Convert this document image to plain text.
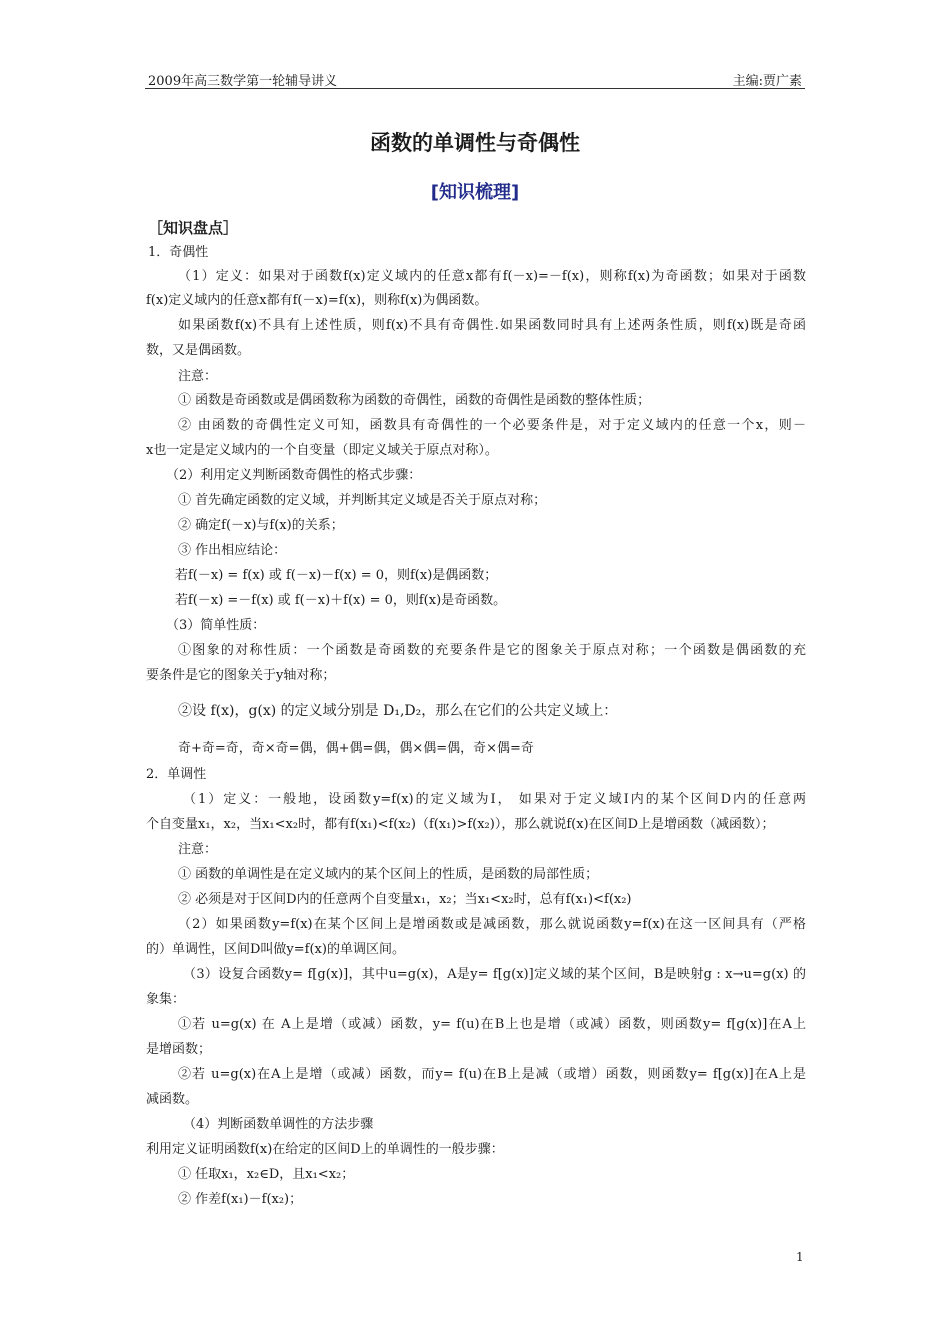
2009年高三数学第一轮辅导讲义	主编:贾广素
函数的单调性与奇偶性
[知识梳理]
［知识盘点］
1．奇偶性
（1）定义：如果对于函数f(x)定义域内的任意x都有f(－x)=－f(x)，则称f(x)为奇函数；如果对于函数
f(x)定义域内的任意x都有f(－x)=f(x)，则称f(x)为偶函数。
如果函数f(x)不具有上述性质，则f(x)不具有奇偶性.如果函数同时具有上述两条性质，则f(x)既是奇函
数，又是偶函数。
注意：
① 函数是奇函数或是偶函数称为函数的奇偶性，函数的奇偶性是函数的整体性质；
② 由函数的奇偶性定义可知，函数具有奇偶性的一个必要条件是，对于定义域内的任意一个x，则－
x也一定是定义域内的一个自变量（即定义域关于原点对称）。
（2）利用定义判断函数奇偶性的格式步骤：
① 首先确定函数的定义域，并判断其定义域是否关于原点对称；
② 确定f(－x)与f(x)的关系；
③ 作出相应结论：
若f(－x) = f(x) 或 f(－x)－f(x) = 0，则f(x)是偶函数；
若f(－x) =－f(x) 或 f(－x)＋f(x) = 0，则f(x)是奇函数。
（3）简单性质：
①图象的对称性质：一个函数是奇函数的充要条件是它的图象关于原点对称；一个函数是偶函数的充
要条件是它的图象关于y轴对称；
②设 f(x)，g(x) 的定义域分别是 D₁,D₂，那么在它们的公共定义域上：
奇+奇=奇，奇×奇=偶，偶+偶=偶，偶×偶=偶，奇×偶=奇
2．单调性
（1）定义：一般地，设函数y=f(x)的定义域为I， 如果对于定义域I内的某个区间D内的任意两
个自变量x₁，x₂，当x₁<x₂时，都有f(x₁)<f(x₂)（f(x₁)>f(x₂)），那么就说f(x)在区间D上是增函数（减函数）；
注意：
① 函数的单调性是在定义域内的某个区间上的性质，是函数的局部性质；
② 必须是对于区间D内的任意两个自变量x₁，x₂；当x₁<x₂时，总有f(x₁)<f(x₂)
（2）如果函数y=f(x)在某个区间上是增函数或是减函数，那么就说函数y=f(x)在这一区间具有（严格
的）单调性，区间D叫做y=f(x)的单调区间。
（3）设复合函数y= f[g(x)]，其中u=g(x)，A是y= f[g(x)]定义域的某个区间，B是映射g : x→u=g(x) 的
象集：
①若 u=g(x) 在 A上是增（或减）函数，y= f(u)在B上也是增（或减）函数，则函数y= f[g(x)]在A上
是增函数；
②若 u=g(x)在A上是增（或减）函数，而y= f(u)在B上是减（或增）函数，则函数y= f[g(x)]在A上是
减函数。
（4）判断函数单调性的方法步骤
利用定义证明函数f(x)在给定的区间D上的单调性的一般步骤：
① 任取x₁，x₂∈D，且x₁<x₂；
② 作差f(x₁)－f(x₂)；
1
